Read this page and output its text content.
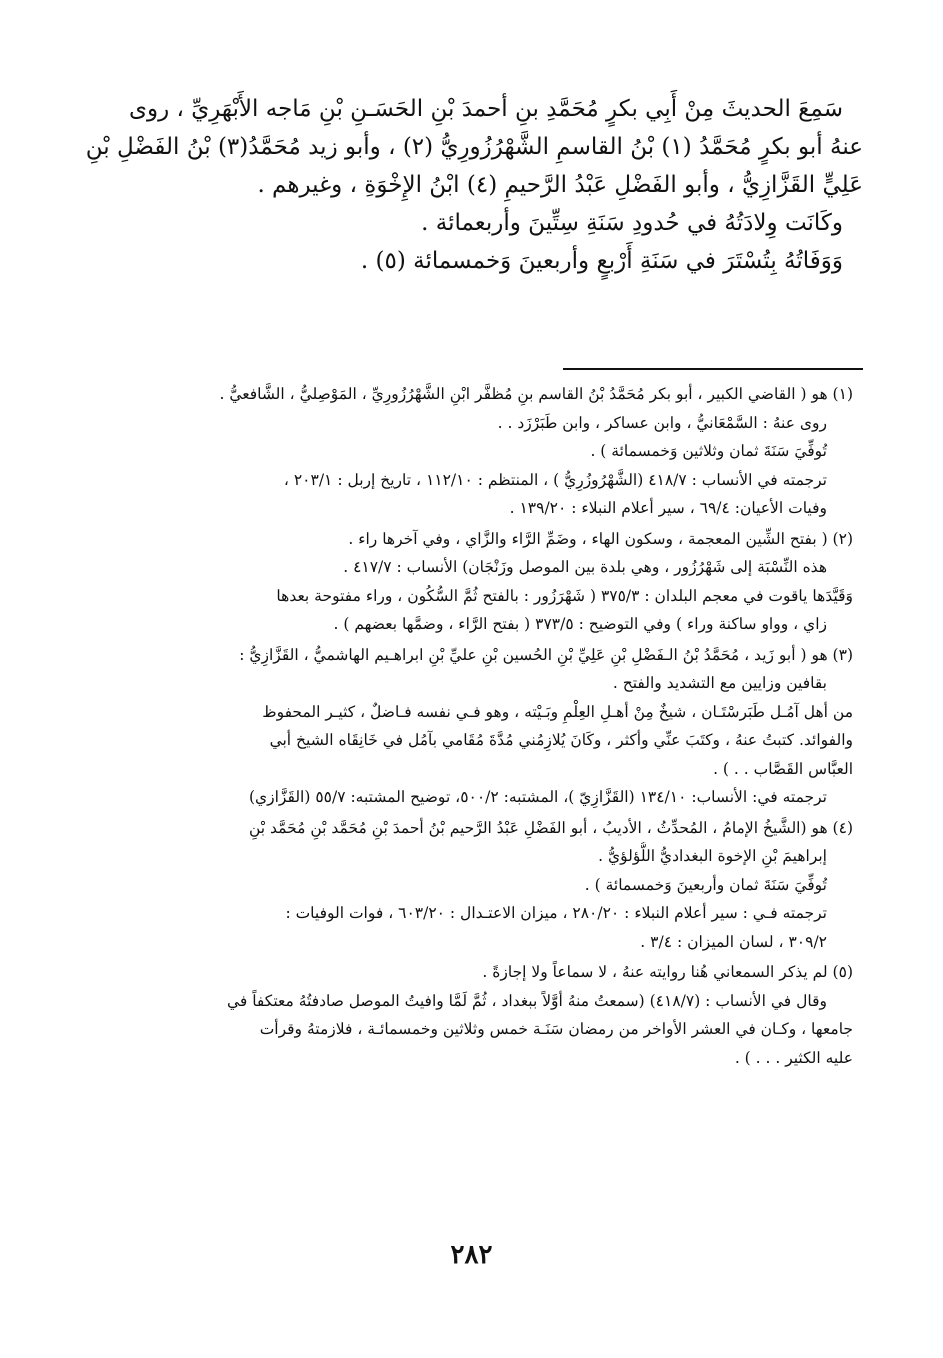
سَمِعَ الحديثَ مِنْ أَبِي بكرٍ مُحَمَّدِ بنِ أحمدَ بْنِ الحَسَـنِ بْنِ مَاجه الأَبْهَرِيِّ ، روى

عنهُ أبو بكرٍ مُحَمَّدُ (١) بْنُ القاسمِ الشَّهْرُزُورِيُّ (٢) ، وأبو زيد مُحَمَّدُ(٣) بْنُ الفَضْلِ بْنِ

عَلِيٍّ القَزَّازِيُّ ، وأبو الفَضْلِ عَبْدُ الرَّحيمِ (٤) ابْنُ الإِخْوَةِ ، وغيرهم .

وكَانَت وِلادَتُهُ في حُدودِ سَنَةِ سِتِّينَ وأربعمائة .

وَوَفَاتُهُ بِتُسْتَرَ في سَنَةِ أَرْبعٍ وأربعينَ وَخمسمائة (٥) .

(١) هو ( القاضي الكبير ، أبو بكر مُحَمَّدُ بْنُ القاسم بنِ مُظفَّر ابْنِ الشَّهْرُزُورِيِّ ، المَوْصِليُّ ، الشَّافعيُّ .

روى عنهُ : السَّمْعَانيُّ ، وابن عساكر ، وابن طَبَرْزَد . .

تُوفِّيَ سَنَةَ ثمان وثلاثين وَخمسمائة ) .

ترجمته في الأنساب : ٤١٨/٧ (الشَّهْرُوزُرِيُّ ) ، المنتظم : ١١٢/١٠ ، تاريخ إربل : ٢٠٣/١ ،

وفيات الأعيان: ٦٩/٤ ، سير أعلام النبلاء : ١٣٩/٢٠ .

(٢) ( بفتح الشِّين المعجمة ، وسكون الهاء ، وضَمِّ الرَّاء والزَّاي ، وفي آخرها راء .

هذه النِّسْبَة إلى شَهْرُزُور ، وهي بلدة بين الموصل وزَنْجَان) الأنساب : ٤١٧/٧ .

وَقَيَّدَها ياقوت في معجم البلدان : ٣٧٥/٣ ( شَهْرَزُور : بالفتح ثُمَّ السُّكُون ، وراء مفتوحة بعدها

زاي ، وواو ساكنة وراء ) وفي التوضيح : ٣٧٣/٥ ( بفتح الرَّاء ، وضمَّها بعضهم ) .

(٣) هو ( أبو زَيد ، مُحَمَّدُ بْنُ الـفَضْلِ بْنِ عَلِيِّ بْنِ الحُسين بْنِ عليِّ بْنِ ابراهـيم الهاشميُّ ، القَزَّازِيُّ :

بقافين وزايين مع التشديد والفتح .

من أهل آمُـل طَبَرسْتَـان ، شيخٌ مِنْ أهـلِ العِلْمِ وبَـيْته ، وهو فـي نفسه فـاضلٌ ، كثيـر المحفوظ

والفوائد. كتبتُ عنهُ ، وكتَبَ عنِّي وأكثر ، وكَانَ يُلازِمُني مُدَّةَ مُقَامي بآمُل في خَانِقَاه الشيخ أبي

العبَّاس القَصَّاب . . ) .

ترجمته في: الأنساب: ١٣٤/١٠ (القَزَّازِيّ )، المشتبه: ٥٠٠/٢، توضيح المشتبه: ٥٥/٧ (القَزَّازي)

(٤) هو (الشَّيخُ الإمامُ ، المُحدِّثُ ، الأديبُ ، أبو الفَضْلِ عَبْدُ الرَّحيم بْنُ أحمدَ بْنِ مُحَمَّد بْنِ مُحَمَّد بْنِ

إبراهيمَ بْنِ الإخوة البغداديُّ اللُّؤلؤيُّ .

تُوفِّيَ سَنَةَ ثمان وأربعينَ وَخمسمائة ) .

ترجمته فـي : سير أعلام النبلاء : ٢٨٠/٢٠ ، ميزان الاعتـدال : ٦٠٣/٢٠ ، فوات الوفيات :

٣٠٩/٢ ، لسان الميزان : ٣/٤ .

(٥) لم يذكر السمعاني هُنا روايته عنهُ ، لا سماعاً ولا إجازةً .

وقال في الأنساب : (٤١٨/٧) (سمعتُ منهُ أوَّلاً ببغداد ، ثُمَّ لَمَّا وافيتُ الموصل صادفتُهُ معتكفاً في

جامعها ، وكـان في العشر الأواخر من رمضان سَنَـة خمس وثلاثين وخمسمائـة ، فلازمتهُ وقرأت

عليه الكثير . . . ) .

٢٨٢
